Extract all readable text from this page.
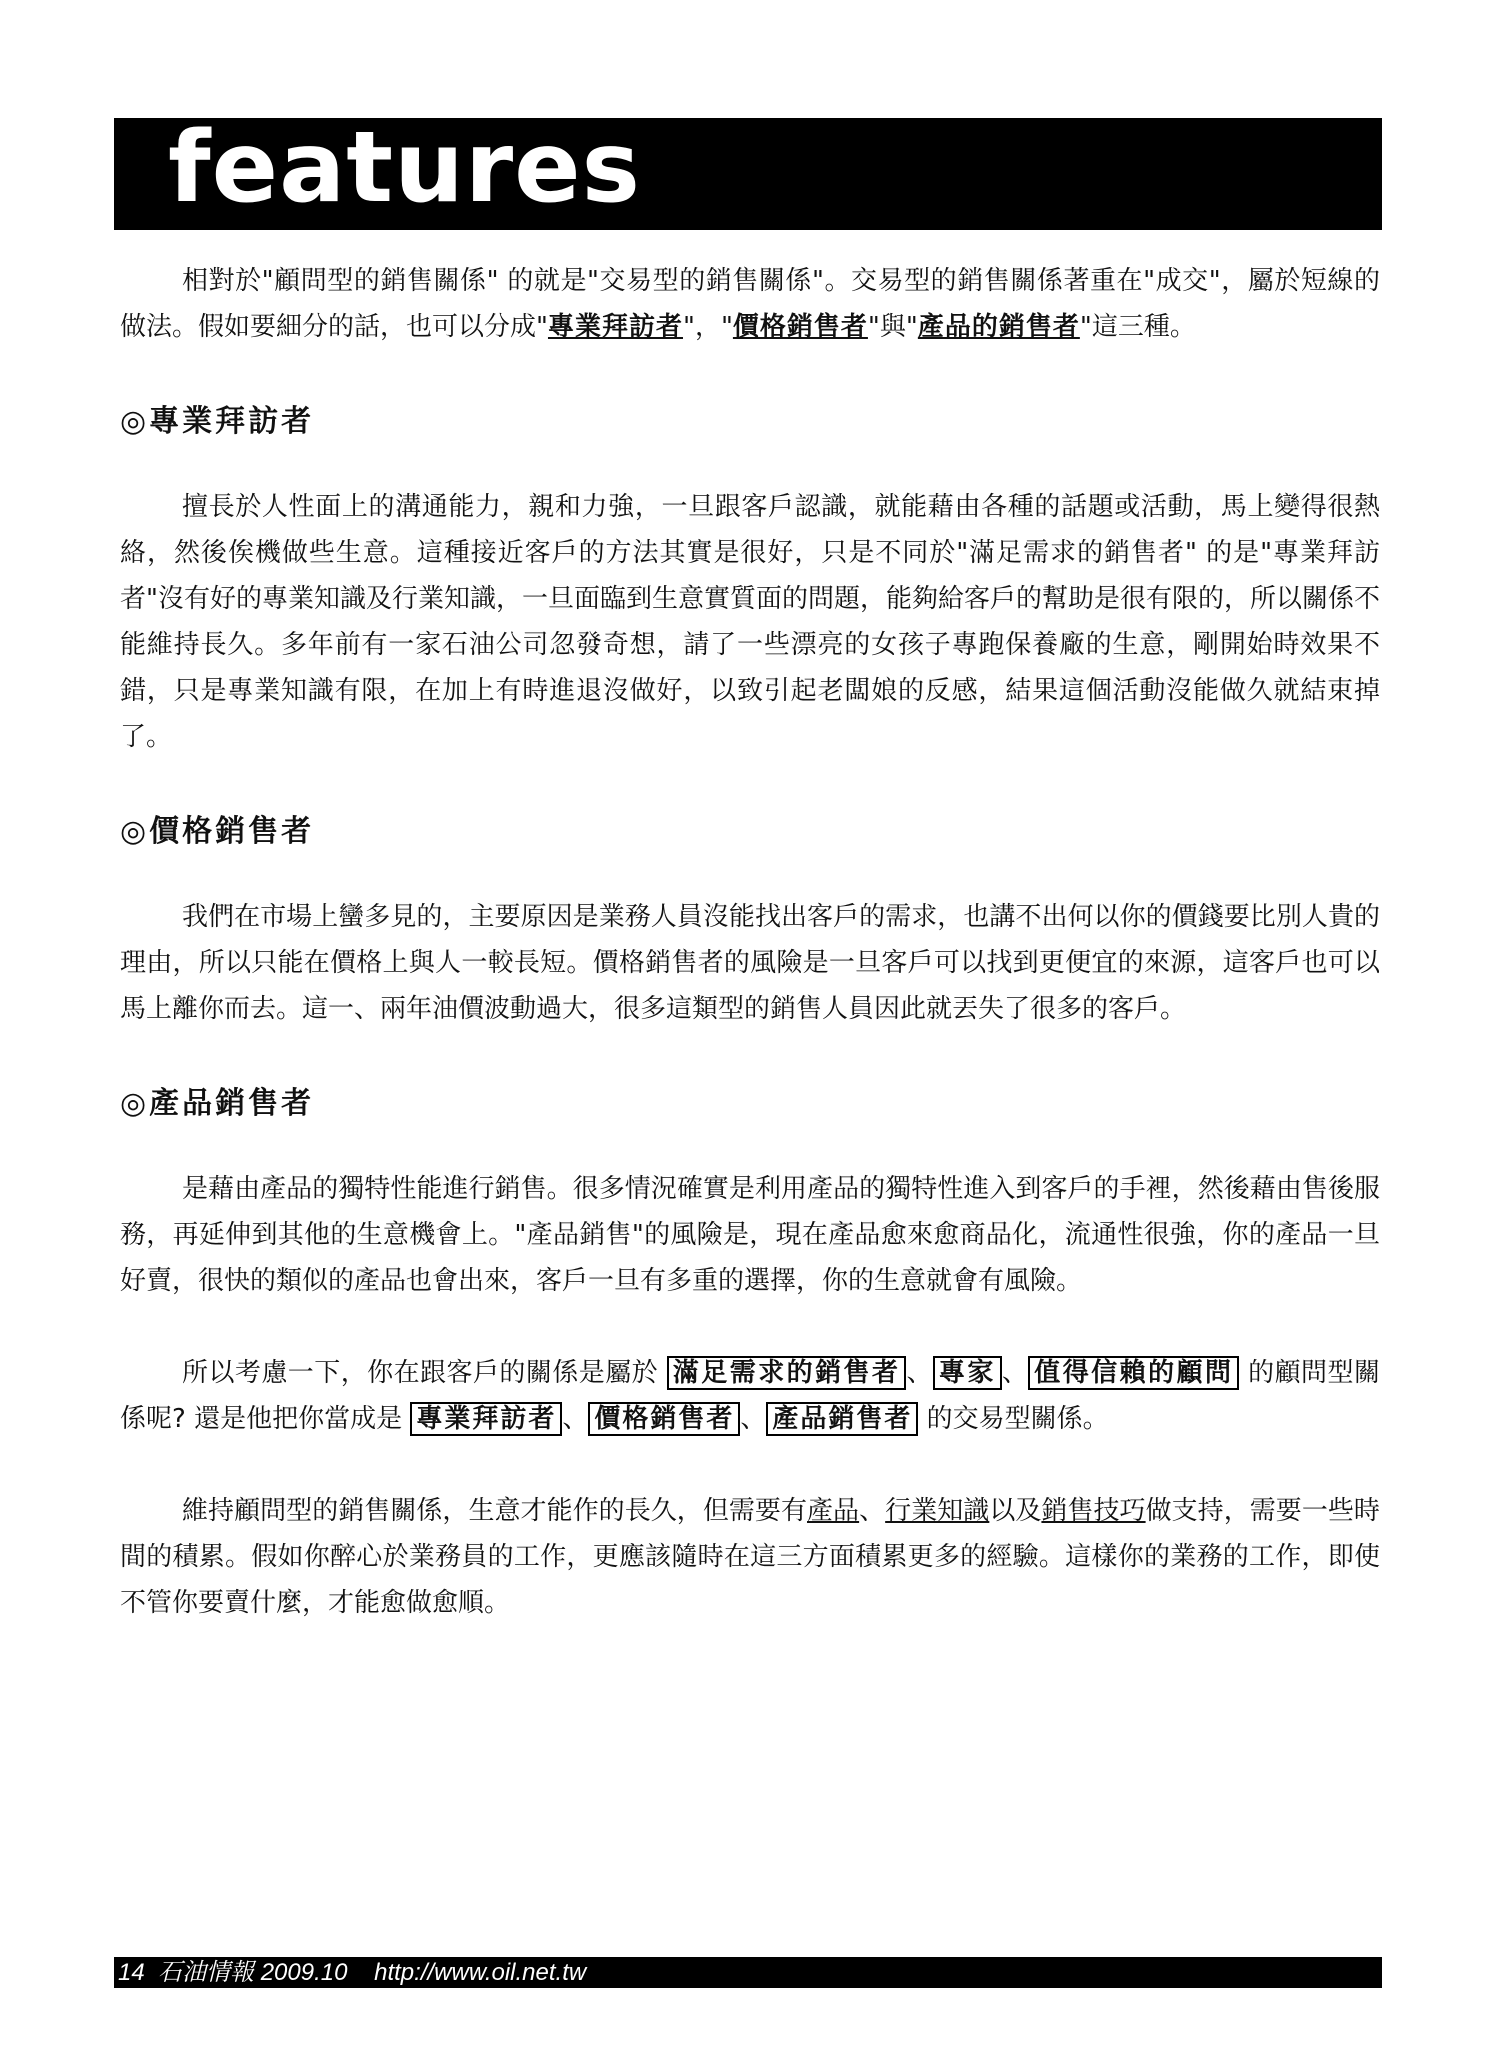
features

相對於"顧問型的銷售關係" 的就是"交易型的銷售關係"。交易型的銷售關係著重在"成交"，屬於短線的做法。假如要細分的話，也可以分成"專業拜訪者"，"價格銷售者"與"產品的銷售者"這三種。

◎專業拜訪者

擅長於人性面上的溝通能力，親和力強，一旦跟客戶認識，就能藉由各種的話題或活動，馬上變得很熱絡，然後俟機做些生意。這種接近客戶的方法其實是很好，只是不同於"滿足需求的銷售者" 的是"專業拜訪者"沒有好的專業知識及行業知識，一旦面臨到生意實質面的問題，能夠給客戶的幫助是很有限的，所以關係不能維持長久。多年前有一家石油公司忽發奇想，請了一些漂亮的女孩子專跑保養廠的生意，剛開始時效果不錯，只是專業知識有限，在加上有時進退沒做好，以致引起老闆娘的反感，結果這個活動沒能做久就結束掉了。

◎價格銷售者

我們在市場上蠻多見的，主要原因是業務人員沒能找出客戶的需求，也講不出何以你的價錢要比別人貴的理由，所以只能在價格上與人一較長短。價格銷售者的風險是一旦客戶可以找到更便宜的來源，這客戶也可以馬上離你而去。這一、兩年油價波動過大，很多這類型的銷售人員因此就丟失了很多的客戶。

◎產品銷售者

是藉由產品的獨特性能進行銷售。很多情況確實是利用產品的獨特性進入到客戶的手裡，然後藉由售後服務，再延伸到其他的生意機會上。"產品銷售"的風險是，現在產品愈來愈商品化，流通性很強，你的產品一旦好賣，很快的類似的產品也會出來，客戶一旦有多重的選擇，你的生意就會有風險。

所以考慮一下，你在跟客戶的關係是屬於 滿足需求的銷售者 、 專家 、 值得信賴的顧問 的顧問型關係呢? 還是他把你當成是 專業拜訪者 、 價格銷售者 、 產品銷售者 的交易型關係。

維持顧問型的銷售關係，生意才能作的長久，但需要有產品、行業知識以及銷售技巧做支持，需要一些時間的積累。假如你醉心於業務員的工作，更應該隨時在這三方面積累更多的經驗。這樣你的業務的工作，即使不管你要賣什麼，才能愈做愈順。

14  石油情報 2009.10    http://www.oil.net.tw
